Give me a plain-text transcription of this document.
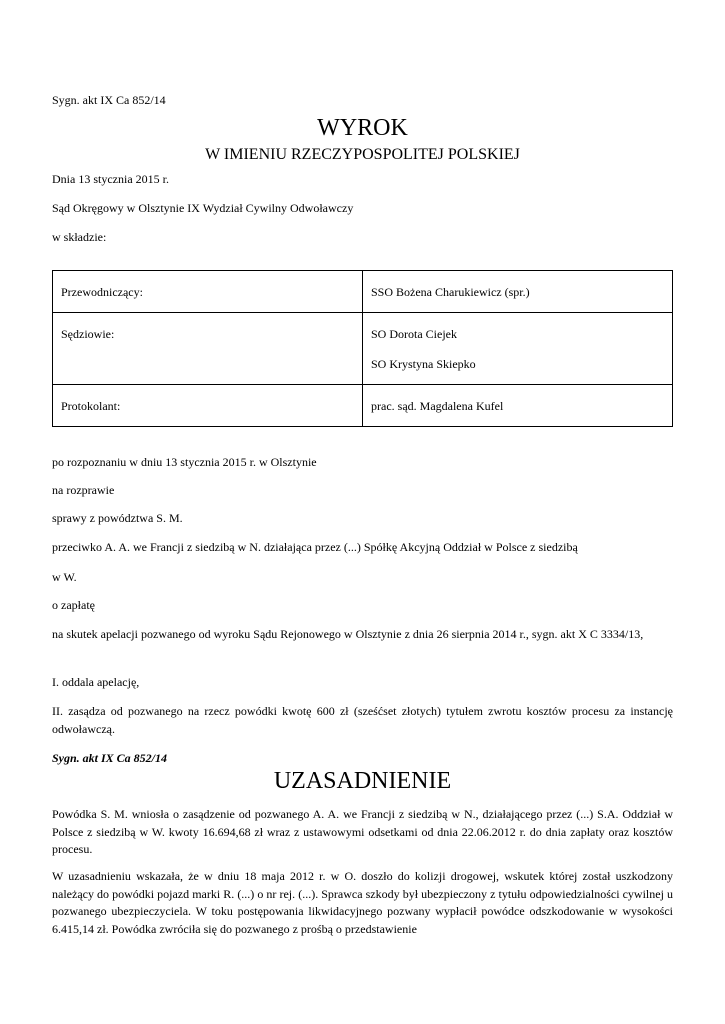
Sygn. akt IX Ca 852/14
WYROK
W IMIENIU RZECZYPOSPOLITEJ POLSKIEJ
Dnia 13 stycznia 2015 r.
Sąd Okręgowy w Olsztynie IX Wydział Cywilny Odwoławczy
w składzie:
Przewodniczący:	SSO Bożena Charukiewicz (spr.)
Sędziowie:	SO Dorota Ciejek
SO Krystyna Skiepko

Protokolant:	prac. sąd. Magdalena Kufel
po rozpoznaniu w dniu 13 stycznia 2015 r. w Olsztynie
na rozprawie
sprawy z powództwa S. M.
przeciwko A. A. we Francji z siedzibą w N. działająca przez (...) Spółkę Akcyjną Oddział w Polsce z siedzibą
w W.
o zapłatę
na skutek apelacji pozwanego od wyroku Sądu Rejonowego w Olsztynie z dnia 26 sierpnia 2014 r., sygn. akt X C 3334/13,
I. oddala apelację,
II. zasądza od pozwanego na rzecz powódki kwotę 600 zł (sześćset złotych) tytułem zwrotu kosztów procesu za instancję odwoławczą.
Sygn. akt IX Ca 852/14
UZASADNIENIE
Powódka S. M. wniosła o zasądzenie od pozwanego A. A. we Francji z siedzibą w N., działającego przez (...) S.A. Oddział w Polsce z siedzibą w W. kwoty 16.694,68 zł wraz z ustawowymi odsetkami od dnia 22.06.2012 r. do dnia zapłaty oraz kosztów procesu.
W uzasadnieniu wskazała, że w dniu 18 maja 2012 r. w O. doszło do kolizji drogowej, wskutek której został uszkodzony należący do powódki pojazd marki R. (...) o nr rej. (...). Sprawca szkody był ubezpieczony z tytułu odpowiedzialności cywilnej u pozwanego ubezpieczyciela. W toku postępowania likwidacyjnego pozwany wypłacił powódce odszkodowanie w wysokości 6.415,14 zł. Powódka zwróciła się do pozwanego z prośbą o przedstawienie
